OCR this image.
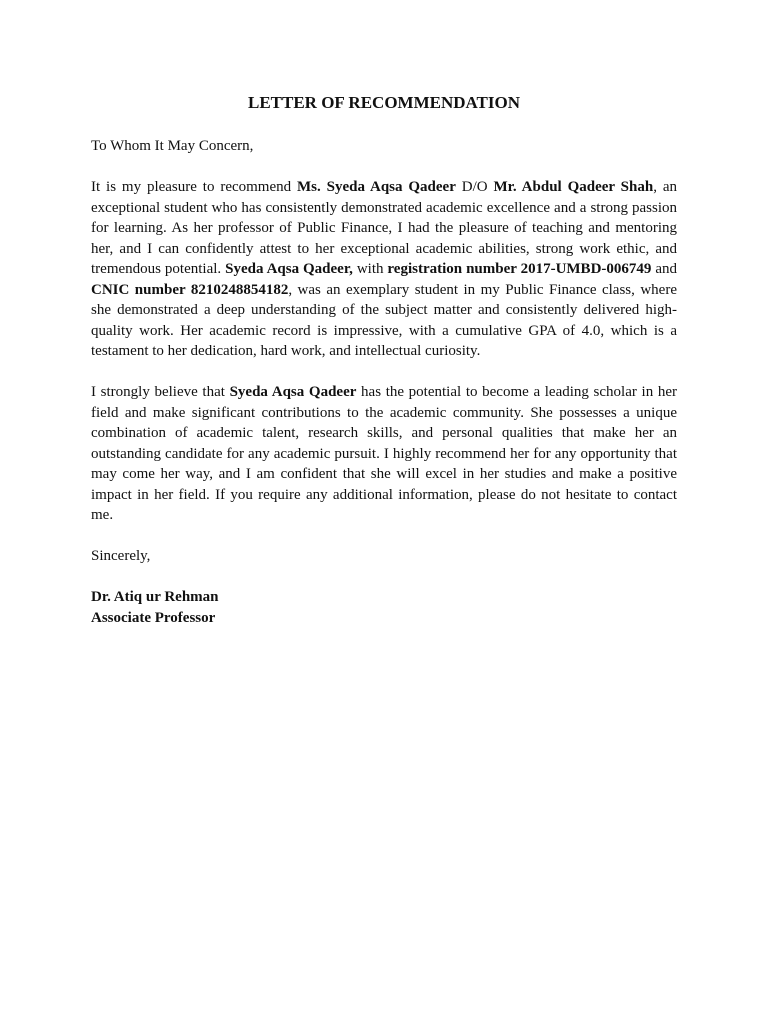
LETTER OF RECOMMENDATION

To Whom It May Concern,

It is my pleasure to recommend Ms. Syeda Aqsa Qadeer D/O Mr. Abdul Qadeer Shah, an exceptional student who has consistently demonstrated academic excellence and a strong passion for learning. As her professor of Public Finance, I had the pleasure of teaching and mentoring her, and I can confidently attest to her exceptional academic abilities, strong work ethic, and tremendous potential. Syeda Aqsa Qadeer, with registration number 2017-UMBD-006749 and CNIC number 8210248854182, was an exemplary student in my Public Finance class, where she demonstrated a deep understanding of the subject matter and consistently delivered high-quality work. Her academic record is impressive, with a cumulative GPA of 4.0, which is a testament to her dedication, hard work, and intellectual curiosity.

I strongly believe that Syeda Aqsa Qadeer has the potential to become a leading scholar in her field and make significant contributions to the academic community. She possesses a unique combination of academic talent, research skills, and personal qualities that make her an outstanding candidate for any academic pursuit. I highly recommend her for any opportunity that may come her way, and I am confident that she will excel in her studies and make a positive impact in her field. If you require any additional information, please do not hesitate to contact me.

Sincerely,

Dr. Atiq ur Rehman

Associate Professor
